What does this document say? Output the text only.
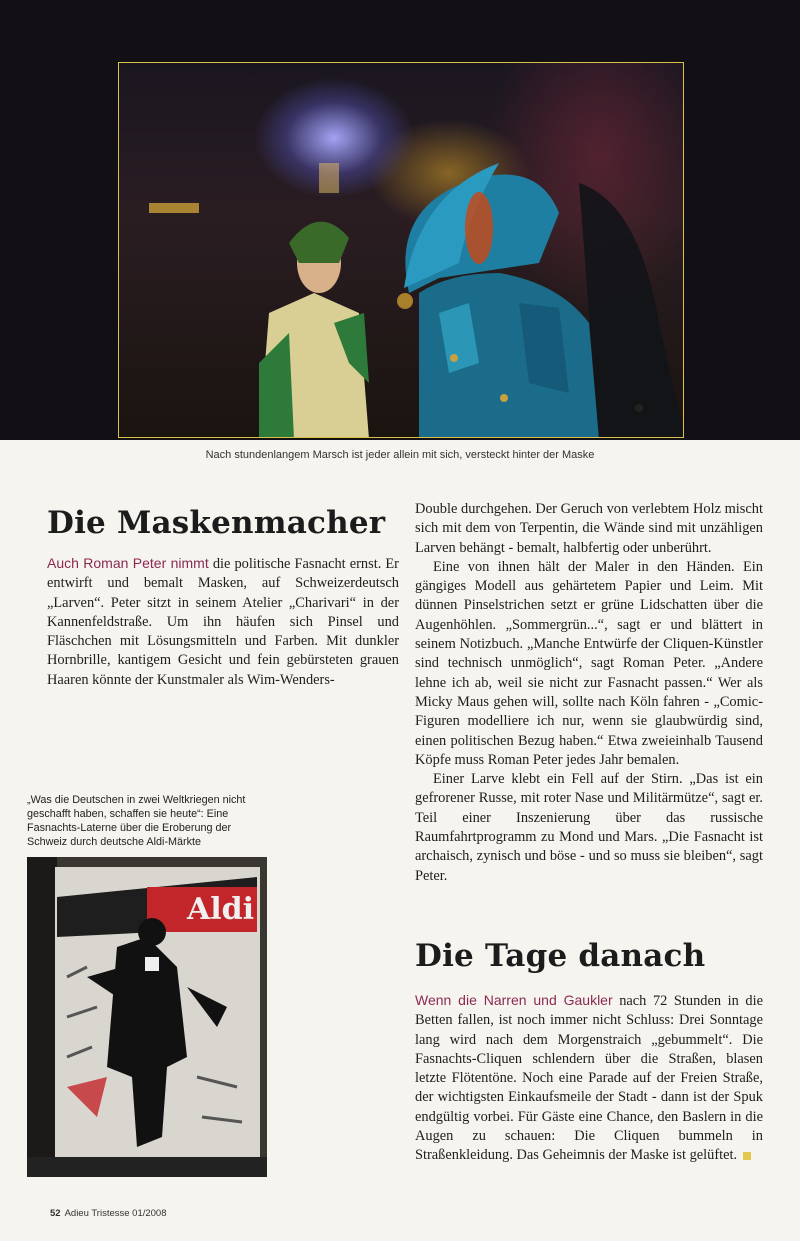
Nach stundenlangem Marsch ist jeder allein mit sich, versteckt hinter der Maske
Die Maskenmacher

Auch Roman Peter nimmt die politische Fasnacht ernst. Er entwirft und bemalt Masken, auf Schweizerdeutsch „Larven“. Peter sitzt in seinem Atelier „Charivari“ in der Kannenfeldstraße. Um ihn häufen sich Pinsel und Fläschchen mit Lösungsmitteln und Farben. Mit dunkler Hornbrille, kantigem Gesicht und fein gebürsteten grauen Haaren könnte der Kunstmaler als Wim-Wenders-

Double durchgehen. Der Geruch von verlebtem Holz mischt sich mit dem von Terpentin, die Wände sind mit unzähligen Larven behängt - bemalt, halbfertig oder unberührt.

Eine von ihnen hält der Maler in den Händen. Ein gängiges Modell aus gehärtetem Papier und Leim. Mit dünnen Pinselstrichen setzt er grüne Lidschatten über die Augenhöhlen. „Sommergrün...“, sagt er und blättert in seinem Notizbuch. „Manche Entwürfe der Cliquen-Künstler sind technisch unmöglich“, sagt Roman Peter. „Andere lehne ich ab, weil sie nicht zur Fasnacht passen.“ Wer als Micky Maus gehen will, sollte nach Köln fahren - „Comic-Figuren modelliere ich nur, wenn sie glaubwürdig sind, einen politischen Bezug haben.“ Etwa zweieinhalb Tausend Köpfe muss Roman Peter jedes Jahr bemalen.

Einer Larve klebt ein Fell auf der Stirn. „Das ist ein gefrorener Russe, mit roter Nase und Militärmütze“, sagt er. Teil einer Inszenierung über das russische Raumfahrtprogramm zu Mond und Mars. „Die Fasnacht ist archaisch, zynisch und böse - und so muss sie bleiben“, sagt Peter.

Die Tage danach

Wenn die Narren und Gaukler nach 72 Stunden in die Betten fallen, ist noch immer nicht Schluss: Drei Sonntage lang wird nach dem Morgenstraich „gebummelt“. Die Fasnachts-Cliquen schlendern über die Straßen, blasen letzte Flötentöne. Noch eine Parade auf der Freien Straße, der wichtigsten Einkaufsmeile der Stadt - dann ist der Spuk endgültig vorbei. Für Gäste eine Chance, den Baslern in die Augen zu schauen: Die Cliquen bummeln in Straßenkleidung. Das Geheimnis der Maske ist gelüftet.

„Was die Deutschen in zwei Weltkriegen nicht geschafft haben, schaffen sie heute“: Eine Fasnachts-Laterne über die Eroberung der Schweiz durch deutsche Aldi-Märkte
Aldi
52 Adieu Tristesse 01/2008
